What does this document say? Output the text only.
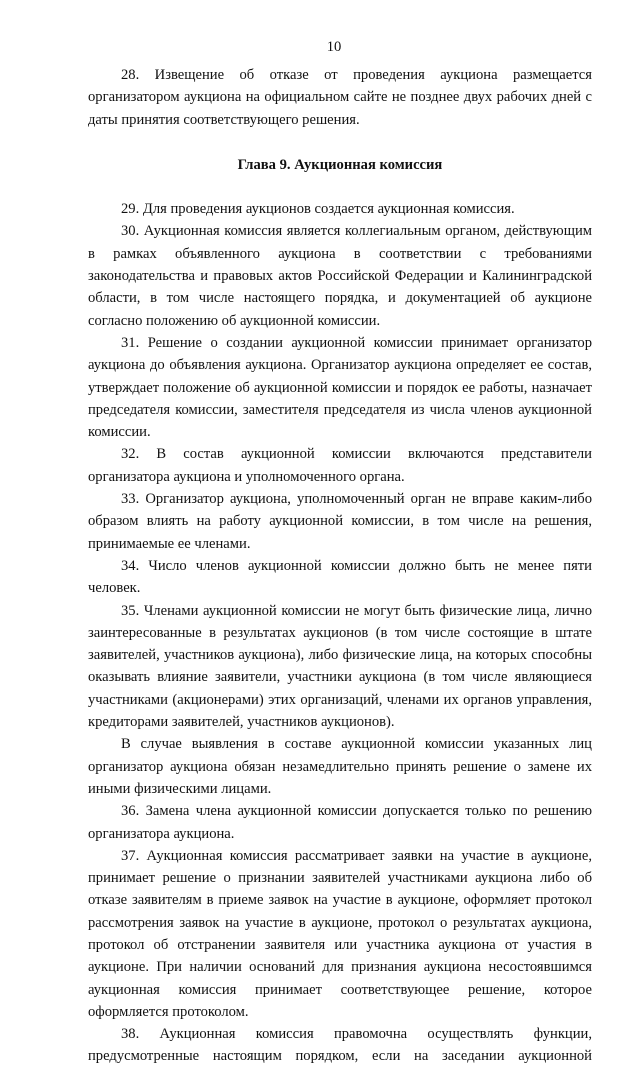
10

28. Извещение об отказе от проведения аукциона размещается организатором аукциона на официальном сайте не позднее двух рабочих дней с даты принятия соответствующего решения.

Глава 9. Аукционная комиссия

29. Для проведения аукционов создается аукционная комиссия.

30. Аукционная комиссия является коллегиальным органом, действующим в рамках объявленного аукциона в соответствии с требованиями законодательства и правовых актов Российской Федерации и Калининградской области, в том числе настоящего порядка, и документацией об аукционе согласно положению об аукционной комиссии.

31. Решение о создании аукционной комиссии принимает организатор аукциона до объявления аукциона. Организатор аукциона определяет ее состав, утверждает положение об аукционной комиссии и порядок ее работы, назначает председателя комиссии, заместителя председателя из числа членов аукционной комиссии.

32. В состав аукционной комиссии включаются представители организатора аукциона и уполномоченного органа.

33. Организатор аукциона, уполномоченный орган не вправе каким-либо образом влиять на работу аукционной комиссии, в том числе на решения, принимаемые ее членами.

34. Число членов аукционной комиссии должно быть не менее пяти человек.

35. Членами аукционной комиссии не могут быть физические лица, лично заинтересованные в результатах аукционов (в том числе состоящие в штате заявителей, участников аукциона), либо физические лица, на которых способны оказывать влияние заявители, участники аукциона (в том числе являющиеся участниками (акционерами) этих организаций, членами их органов управления, кредиторами заявителей, участников аукционов).

В случае выявления в составе аукционной комиссии указанных лиц организатор аукциона обязан незамедлительно принять решение о замене их иными физическими лицами.

36. Замена члена аукционной комиссии допускается только по решению организатора аукциона.

37. Аукционная комиссия рассматривает заявки на участие в аукционе, принимает решение о признании заявителей участниками аукциона либо об отказе заявителям в приеме заявок на участие в аукционе, оформляет протокол рассмотрения заявок на участие в аукционе, протокол о результатах аукциона, протокол об отстранении заявителя или участника аукциона от участия в аукционе. При наличии оснований для признания аукциона несостоявшимся аукционная комиссия принимает соответствующее решение, которое оформляется протоколом.

38. Аукционная комиссия правомочна осуществлять функции, предусмотренные настоящим порядком, если на заседании аукционной
